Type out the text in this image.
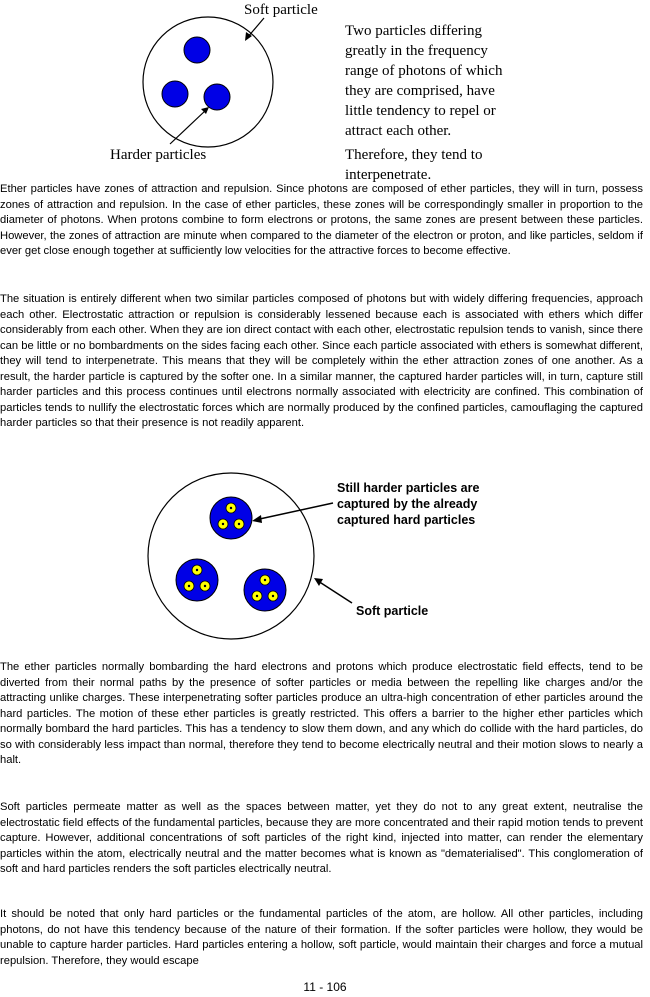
Soft particle
Harder particles

Two particles differing
greatly in the frequency
range of photons of which
they are comprised, have
little tendency to repel or
attract each other.

Therefore, they tend to
interpenetrate.

Ether particles have zones of attraction and repulsion. Since photons are composed of ether particles, they will in turn, possess zones of attraction and repulsion. In the case of ether particles, these zones will be correspondingly smaller in proportion to the diameter of photons. When protons combine to form electrons or protons, the same zones are present between these particles. However, the zones of attraction are minute when compared to the diameter of the electron or proton, and like particles, seldom if ever get close enough together at sufficiently low velocities for the attractive forces to become effective.

The situation is entirely different when two similar particles composed of photons but with widely differing frequencies, approach each other. Electrostatic attraction or repulsion is considerably lessened because each is associated with ethers which differ considerably from each other. When they are ion direct contact with each other, electrostatic repulsion tends to vanish, since there can be little or no bombardments on the sides facing each other. Since each particle associated with ethers is somewhat different, they will tend to interpenetrate. This means that they will be completely within the ether attraction zones of one another. As a result, the harder particle is captured by the softer one. In a similar manner, the captured harder particles will, in turn, capture still harder particles and this process continues until electrons normally associated with electricity are confined. This combination of particles tends to nullify the electrostatic forces which are normally produced by the confined particles, camouflaging the captured harder particles so that their presence is not readily apparent.

Still harder particles are
captured by the already
captured hard particles
Soft particle

The ether particles normally bombarding the hard electrons and protons which produce electrostatic field effects, tend to be diverted from their normal paths by the presence of softer particles or media between the repelling like charges and/or the attracting unlike charges. These interpenetrating softer particles produce an ultra-high concentration of ether particles around the hard particles. The motion of these ether particles is greatly restricted. This offers a barrier to the higher ether particles which normally bombard the hard particles. This has a tendency to slow them down, and any which do collide with the hard particles, do so with considerably less impact than normal, therefore they tend to become electrically neutral and their motion slows to nearly a halt.

Soft particles permeate matter as well as the spaces between matter, yet they do not to any great extent, neutralise the electrostatic field effects of the fundamental particles, because they are more concentrated and their rapid motion tends to prevent capture. However, additional concentrations of soft particles of the right kind, injected into matter, can render the elementary particles within the atom, electrically neutral and the matter becomes what is known as "dematerialised". This conglomeration of soft and hard particles renders the soft particles electrically neutral.

It should be noted that only hard particles or the fundamental particles of the atom, are hollow. All other particles, including photons, do not have this tendency because of the nature of their formation. If the softer particles were hollow, they would be unable to capture harder particles. Hard particles entering a hollow, soft particle, would maintain their charges and force a mutual repulsion. Therefore, they would escape

11 - 106
